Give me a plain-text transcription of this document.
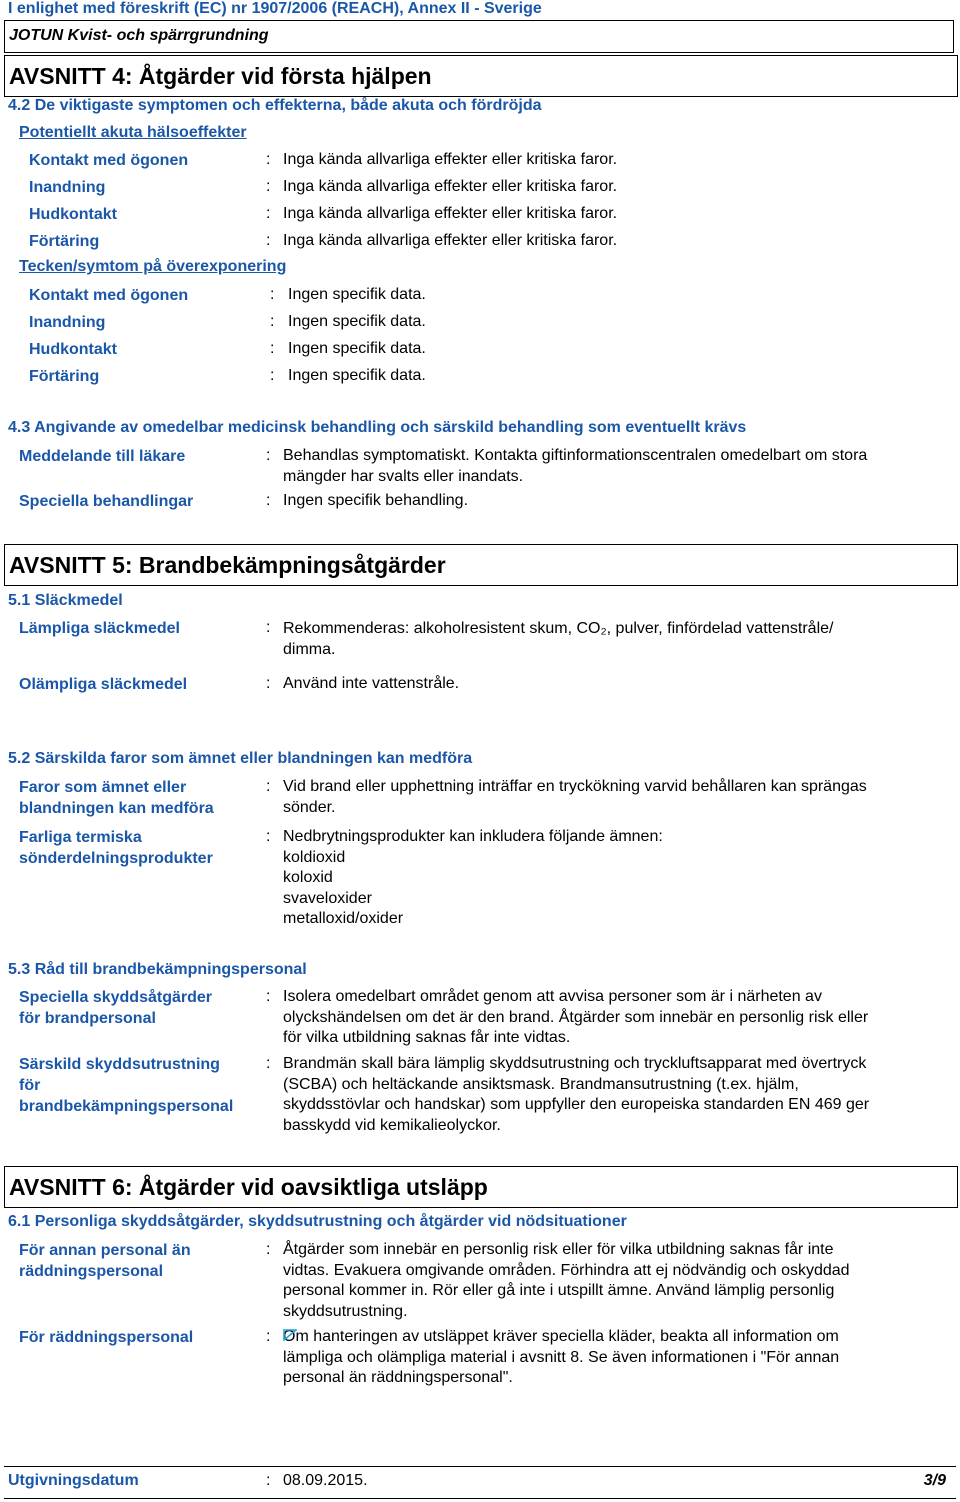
I enlighet med föreskrift (EC) nr 1907/2006 (REACH), Annex II - Sverige
JOTUN Kvist- och spärrgrundning
AVSNITT 4: Åtgärder vid första hjälpen
4.2 De viktigaste symptomen och effekterna, både akuta och fördröjda
Potentiellt akuta hälsoeffekter
Kontakt med ögonen	: Inga kända allvarliga effekter eller kritiska faror.
Inandning	: Inga kända allvarliga effekter eller kritiska faror.
Hudkontakt	: Inga kända allvarliga effekter eller kritiska faror.
Förtäring	: Inga kända allvarliga effekter eller kritiska faror.
Tecken/symtom på överexponering
Kontakt med ögonen	: Ingen specifik data.
Inandning	: Ingen specifik data.
Hudkontakt	: Ingen specifik data.
Förtäring	: Ingen specifik data.
4.3 Angivande av omedelbar medicinsk behandling och särskild behandling som eventuellt krävs
Meddelande till läkare	: Behandlas symptomatiskt. Kontakta giftinformationscentralen omedelbart om stora
mängder har svalts eller inandats.
Speciella behandlingar	: Ingen specifik behandling.
AVSNITT 5: Brandbekämpningsåtgärder
5.1 Släckmedel
Lämpliga släckmedel	: Rekommenderas: alkoholresistent skum, CO₂, pulver, finfördelad vattenstråle/
dimma.
Olämpliga släckmedel	: Använd inte vattenstråle.
5.2 Särskilda faror som ämnet eller blandningen kan medföra
Faror som ämnet eller
blandningen kan medföra
: Vid brand eller upphettning inträffar en tryckökning varvid behållaren kan sprängas
sönder.
Farliga termiska
sönderdelningsprodukter
: Nedbrytningsprodukter kan inkludera följande ämnen:
koldioxid
koloxid
svaveloxider
metalloxid/oxider
5.3 Råd till brandbekämpningspersonal
Speciella skyddsåtgärder
för brandpersonal
: Isolera omedelbart området genom att avvisa personer som är i närheten av
olyckshändelsen om det är den brand. Åtgärder som innebär en personlig risk eller
för vilka utbildning saknas får inte vidtas.
Särskild skyddsutrustning
för
brandbekämpningspersonal
: Brandmän skall bära lämplig skyddsutrustning och tryckluftsapparat med övertryck
(SCBA) och heltäckande ansiktsmask. Brandmansutrustning (t.ex. hjälm,
skyddsstövlar och handskar) som uppfyller den europeiska standarden EN 469 ger
basskydd vid kemikalieolyckor.
AVSNITT 6: Åtgärder vid oavsiktliga utsläpp
6.1 Personliga skyddsåtgärder, skyddsutrustning och åtgärder vid nödsituationer
För annan personal än
räddningspersonal
: Åtgärder som innebär en personlig risk eller för vilka utbildning saknas får inte
vidtas. Evakuera omgivande områden. Förhindra att ej nödvändig och oskyddad
personal kommer in. Rör eller gå inte i utspillt ämne. Använd lämplig personlig
skyddsutrustning.
För räddningspersonal	: Om hanteringen av utsläppet kräver speciella kläder, beakta all information om
lämpliga och olämpliga material i avsnitt 8. Se även informationen i "För annan
personal än räddningspersonal".
Utgivningsdatum	: 08.09.2015.	3/9
